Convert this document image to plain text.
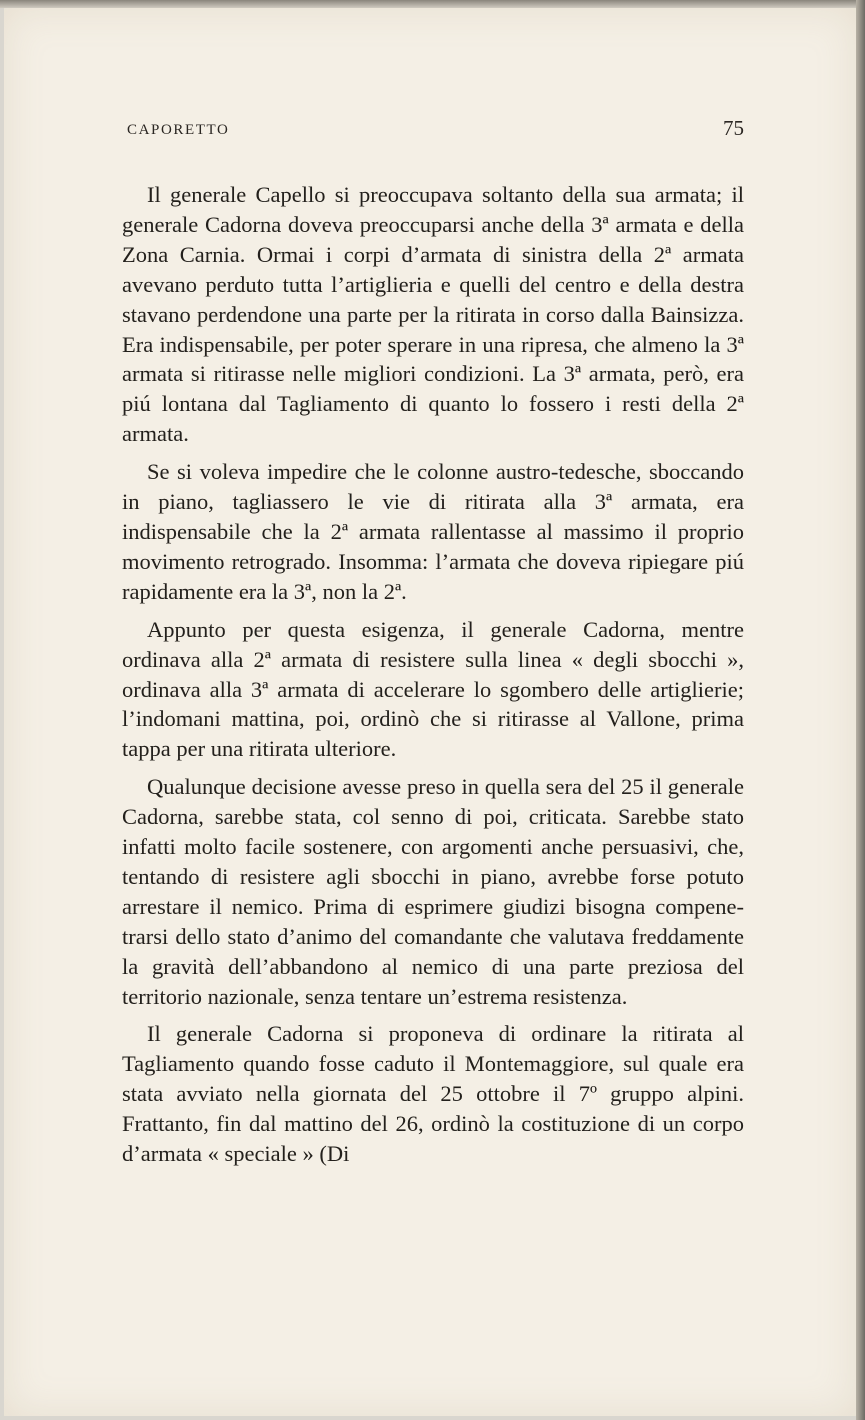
CAPORETTO	75

Il generale Capello si preoccupava soltanto della sua armata; il generale Cadorna doveva preoccuparsi anche della 3ª armata e della Zona Carnia. Ormai i corpi d’armata di sinistra della 2ª armata avevano perduto tutta l’artiglieria e quelli del centro e della destra stavano perdendone una parte per la ritirata in corso dalla Bainsizza. Era indispensabile, per poter sperare in una ripresa, che almeno la 3ª armata si ritirasse nelle migliori condizioni. La 3ª armata, però, era piú lontana dal Tagliamento di quanto lo fossero i resti della 2ª armata.

Se si voleva impedire che le colonne austro-tedesche, sboccando in piano, tagliassero le vie di ritirata alla 3ª armata, era indispensabile che la 2ª armata rallentasse al massimo il proprio movimento retrogrado. Insomma: l’armata che doveva ripiegare piú rapidamente era la 3ª, non la 2ª.

Appunto per questa esigenza, il generale Cadorna, mentre ordinava alla 2ª armata di resistere sulla linea « degli sbocchi », ordinava alla 3ª armata di accelerare lo sgombero delle artiglierie; l’indomani mattina, poi, ordinò che si ritirasse al Vallone, prima tappa per una ritirata ulteriore.

Qualunque decisione avesse preso in quella sera del 25 il generale Cadorna, sarebbe stata, col senno di poi, criticata. Sarebbe stato infatti molto facile sostenere, con argomenti anche persuasivi, che, tentando di resistere agli sbocchi in piano, avrebbe forse potuto arrestare il nemico. Prima di esprimere giudizi bisogna compenetrarsi dello stato d’animo del comandante che valutava freddamente la gravità dell’abbandono al nemico di una parte preziosa del territorio nazionale, senza tentare un’estrema resistenza.

Il generale Cadorna si proponeva di ordinare la ritirata al Tagliamento quando fosse caduto il Montemaggiore, sul quale era stata avviato nella giornata del 25 ottobre il 7º gruppo alpini. Frattanto, fin dal mattino del 26, ordinò la costituzione di un corpo d’armata « speciale » (Di
